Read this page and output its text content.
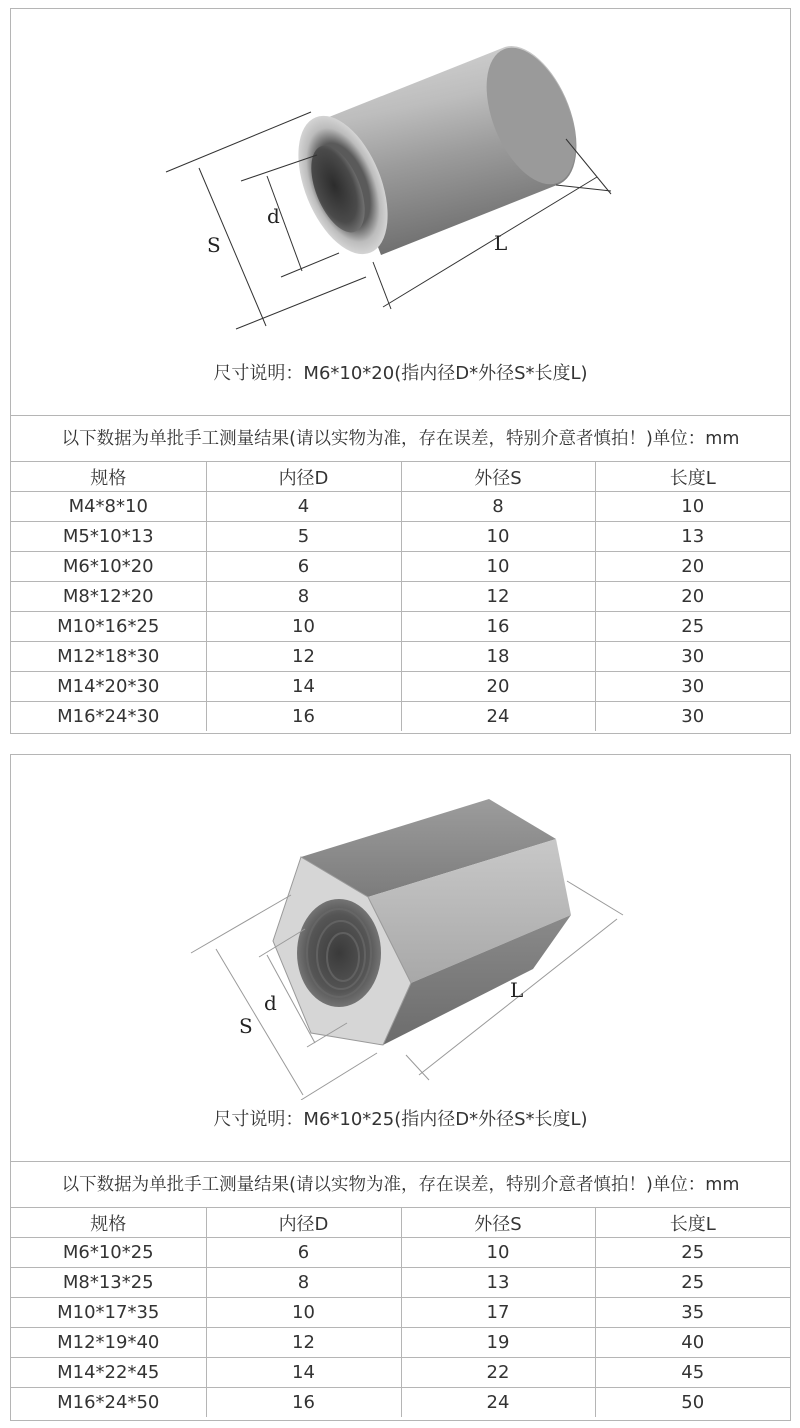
S
d
L
尺寸说明：M6*10*20(指内径D*外径S*长度L)
以下数据为单批手工测量结果(请以实物为准，存在误差，特别介意者慎拍！)单位：mm
规格	内径D	外径S	长度L
M4*8*10	4	8	10
M5*10*13	5	10	13
M6*10*20	6	10	20
M8*12*20	8	12	20
M10*16*25	10	16	25
M12*18*30	12	18	30
M14*20*30	14	20	30
M16*24*30	16	24	30
S
d
L
尺寸说明：M6*10*25(指内径D*外径S*长度L)
以下数据为单批手工测量结果(请以实物为准，存在误差，特别介意者慎拍！)单位：mm
规格	内径D	外径S	长度L
M6*10*25	6	10	25
M8*13*25	8	13	25
M10*17*35	10	17	35
M12*19*40	12	19	40
M14*22*45	14	22	45
M16*24*50	16	24	50
